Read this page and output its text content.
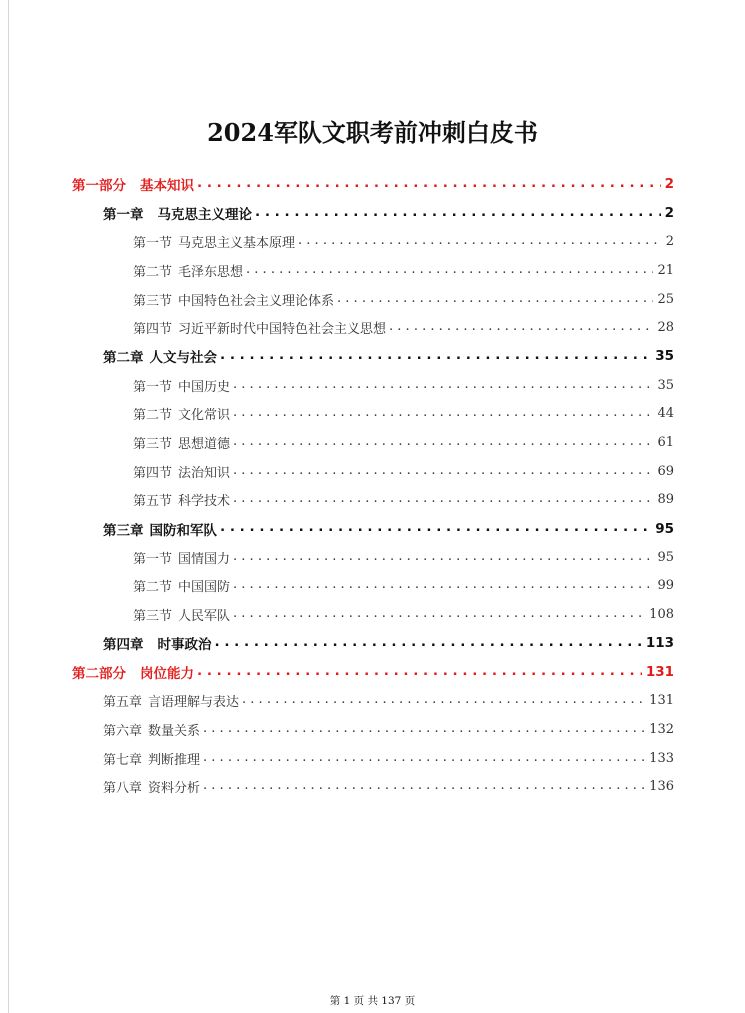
2024军队文职考前冲刺白皮书
第一部分 基本知识 . . .	2
第一章 马克思主义理论 . . .	2
第一节 马克思主义基本原理 . . .	2
第二节 毛泽东思想 . . .	21
第三节 中国特色社会主义理论体系 . . .	25
第四节 习近平新时代中国特色社会主义思想 . . .	28
第二章 人文与社会 . . .	35
第一节 中国历史 . . .	35
第二节 文化常识 . . .	44
第三节 思想道德 . . .	61
第四节 法治知识 . . .	69
第五节 科学技术 . . .	89
第三章 国防和军队 . . .	95
第一节 国情国力 . . .	95
第二节 中国国防 . . .	99
第三节 人民军队 . . .	108
第四章 时事政治 . . .	113
第二部分 岗位能力 . . .	131
第五章 言语理解与表达 . . .	131
第六章 数量关系 . . .	132
第七章 判断推理 . . .	133
第八章 资料分析 . . .	136
第 1 页 共 137 页
